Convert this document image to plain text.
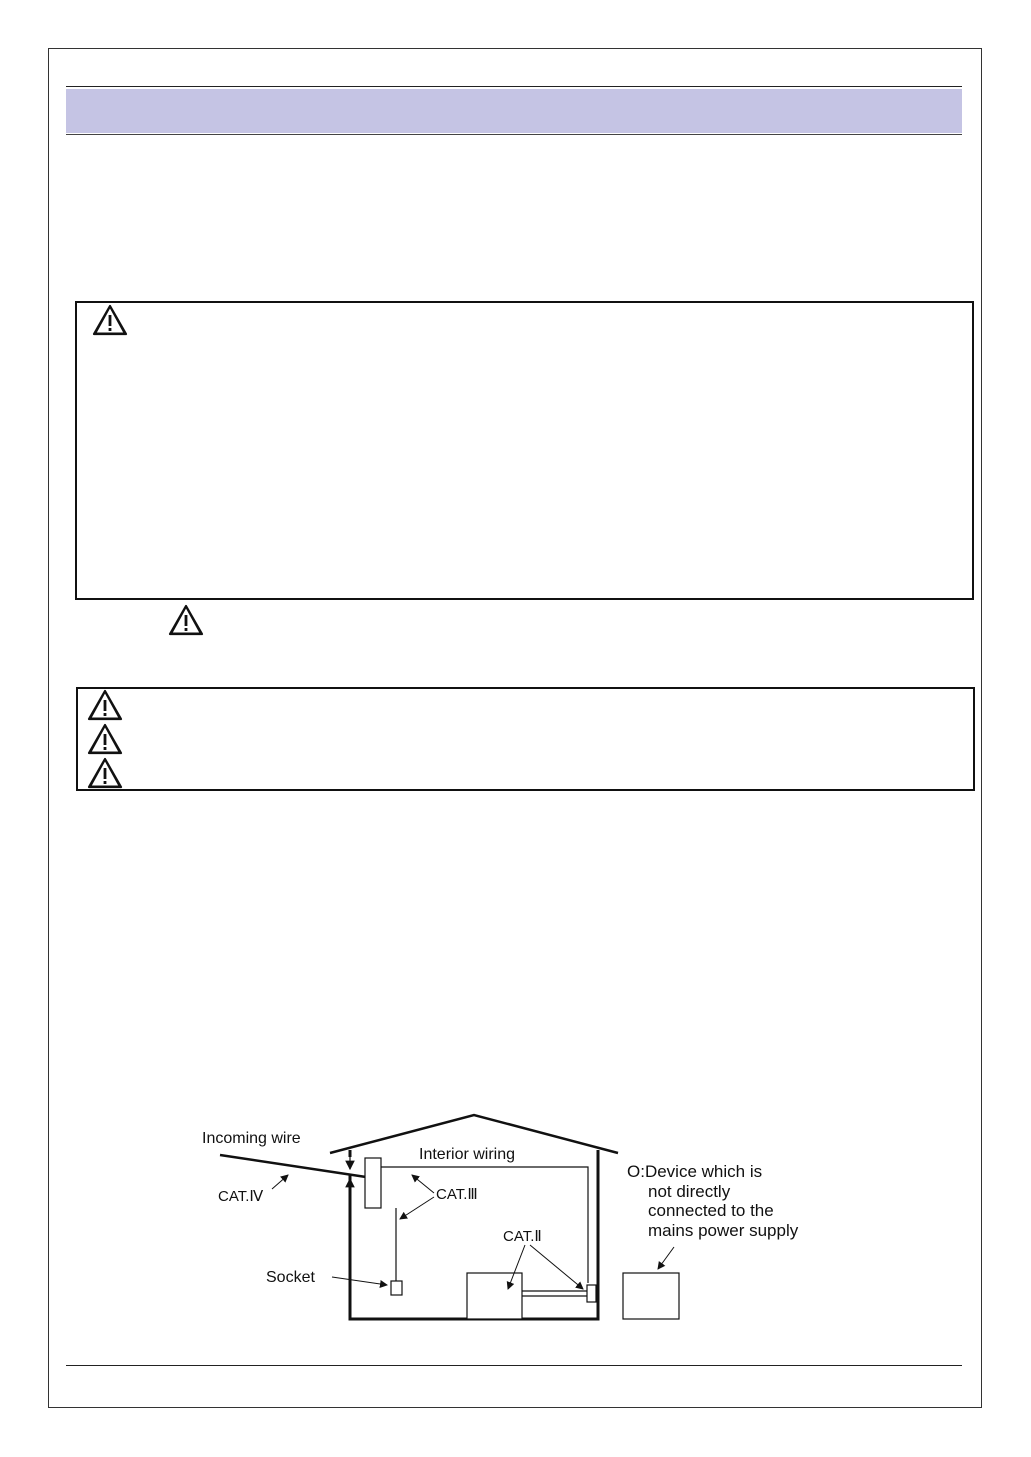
Incoming wire
Interior wiring
CAT.Ⅳ	CAT.Ⅲ
CAT.Ⅱ
Socket
O:Device which is
not directly
connected to the
mains power supply
